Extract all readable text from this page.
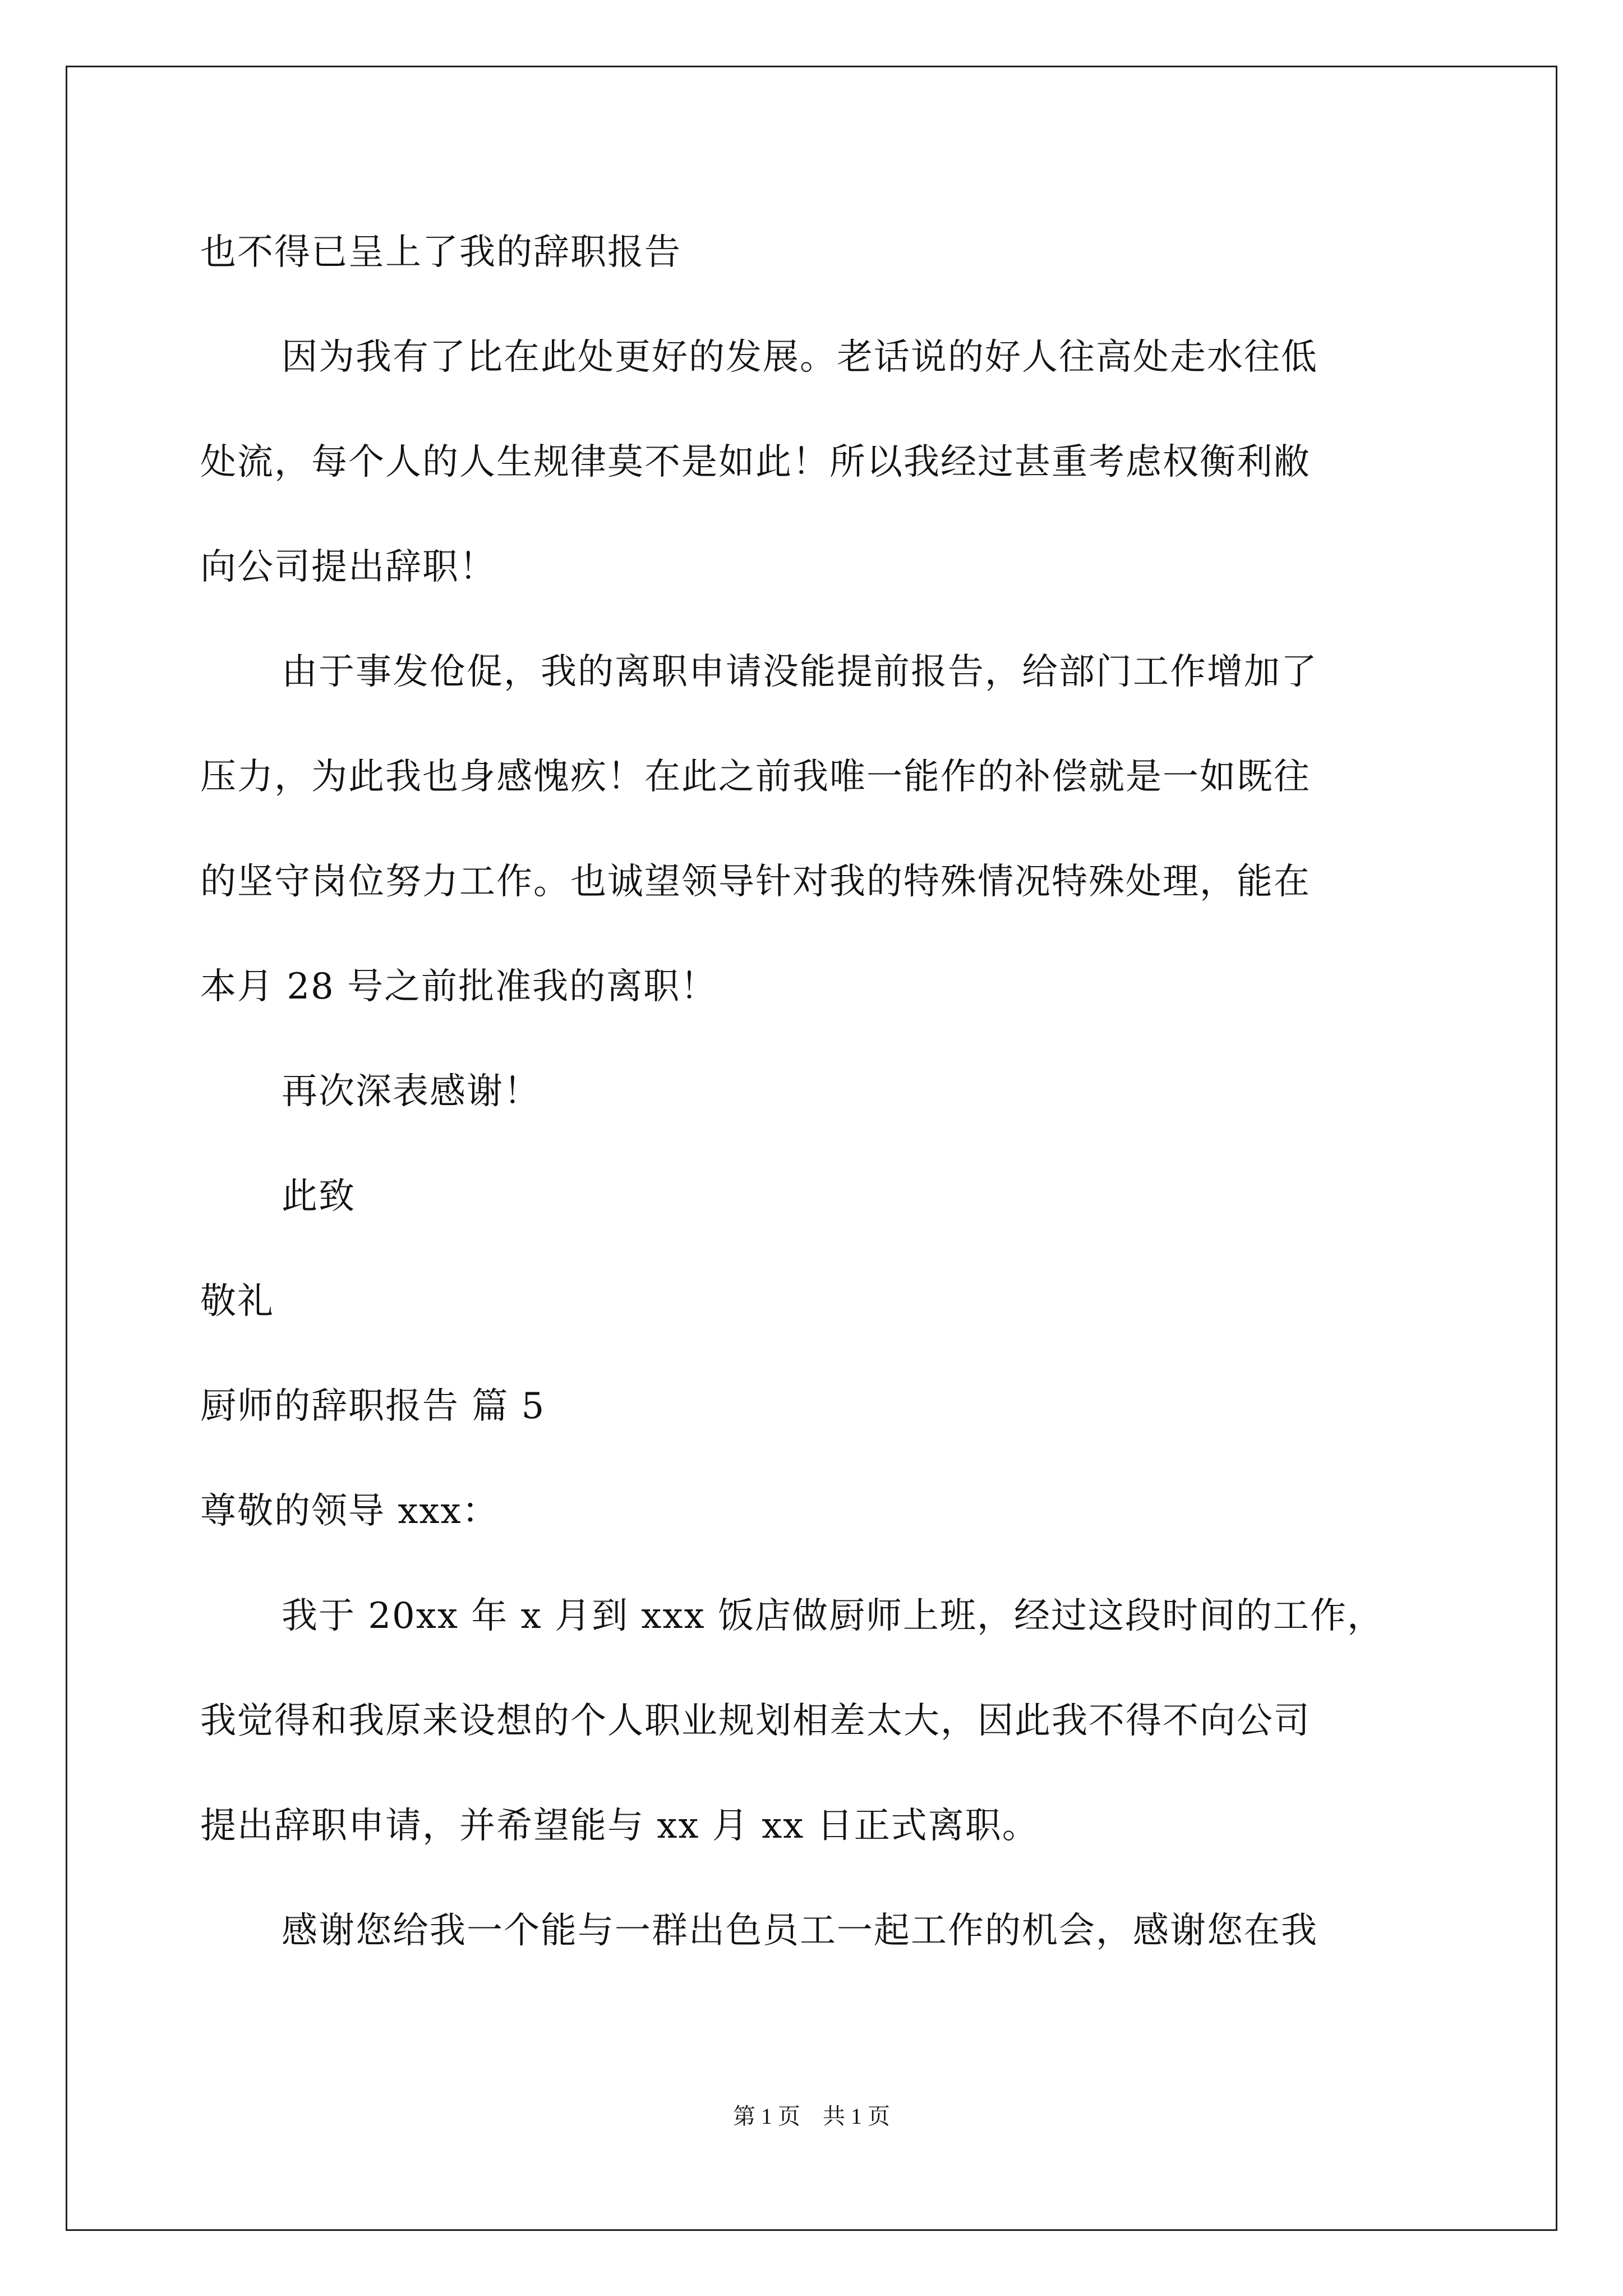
也不得已呈上了我的辞职报告
因为我有了比在此处更好的发展。老话说的好人往高处走水往低
处流，每个人的人生规律莫不是如此！所以我经过甚重考虑权衡利敝
向公司提出辞职！
由于事发伧促，我的离职申请没能提前报告，给部门工作增加了
压力，为此我也身感愧疚！在此之前我唯一能作的补偿就是一如既往
的坚守岗位努力工作。也诚望领导针对我的特殊情况特殊处理，能在
本月 28 号之前批准我的离职！
再次深表感谢！
此致
敬礼
厨师的辞职报告 篇 5
尊敬的领导 xxx：
我于 20xx 年 x 月到 xxx 饭店做厨师上班，经过这段时间的工作，
我觉得和我原来设想的个人职业规划相差太大，因此我不得不向公司
提出辞职申请，并希望能与 xx 月 xx 日正式离职。
感谢您给我一个能与一群出色员工一起工作的机会，感谢您在我
第 1 页　共 1 页
